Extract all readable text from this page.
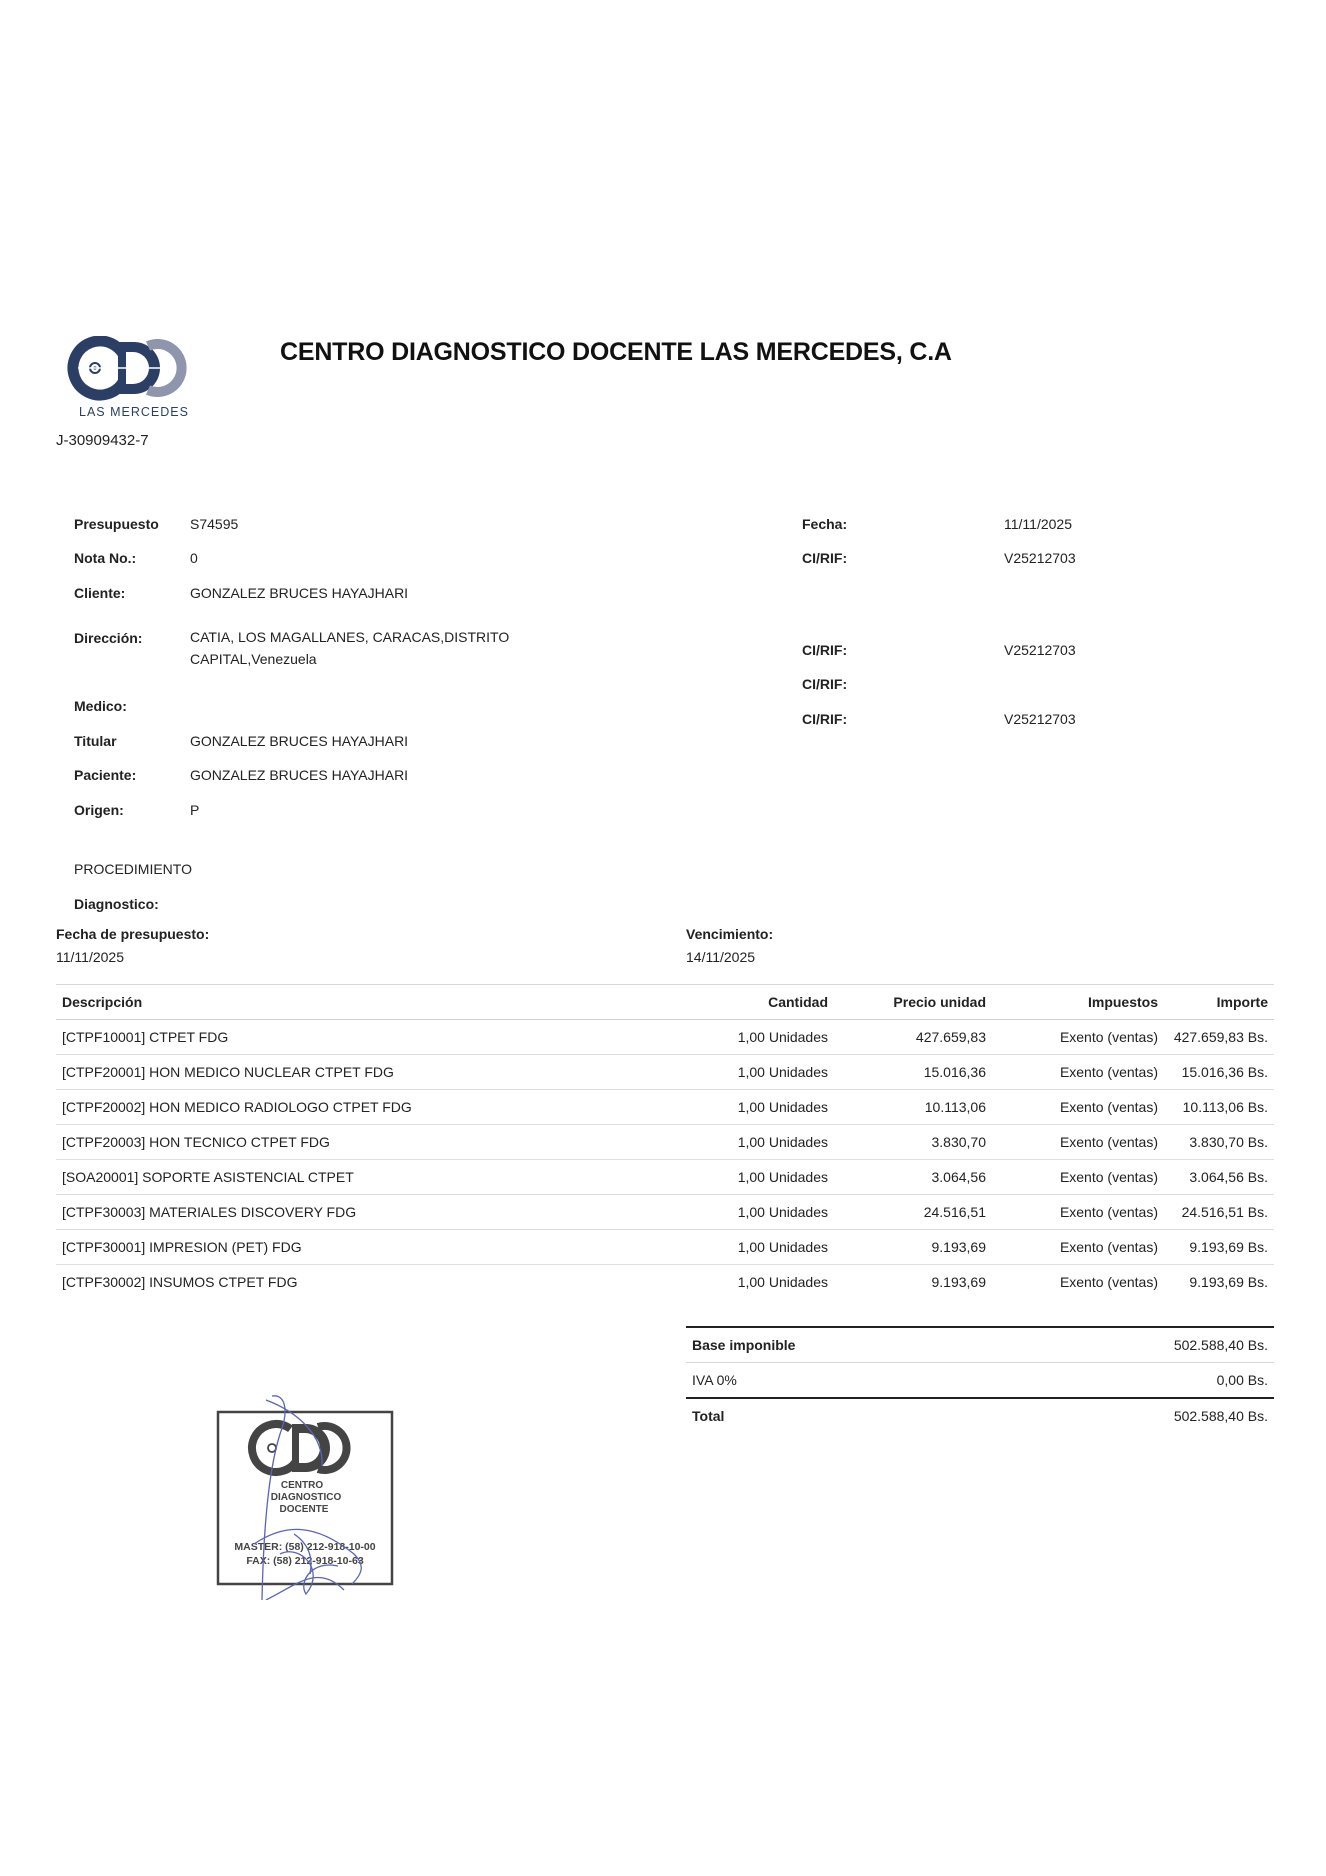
LAS MERCEDES
CENTRO DIAGNOSTICO DOCENTE LAS MERCEDES, C.A
J-30909432-7
Presupuesto S74595
Nota No.:	0
Cliente:	GONZALEZ BRUCES HAYAJHARI
Dirección:	CATIA, LOS MAGALLANES, CARACAS,DISTRITO CAPITAL,Venezuela
Medico:
Titular	GONZALEZ BRUCES HAYAJHARI
Paciente:	GONZALEZ BRUCES HAYAJHARI
Origen:	P
Fecha:	11/11/2025
CI/RIF:	V25212703
CI/RIF:	V25212703
CI/RIF:
CI/RIF:	V25212703
PROCEDIMIENTO
Diagnostico:
Fecha de presupuesto:
11/11/2025
Vencimiento:
14/11/2025
Descripción	Cantidad	Precio unidad	Impuestos	Importe
[CTPF10001] CTPET FDG	1,00 Unidades	427.659,83	Exento (ventas)	427.659,83 Bs.
[CTPF20001] HON MEDICO NUCLEAR CTPET FDG	1,00 Unidades	15.016,36	Exento (ventas)	15.016,36 Bs.
[CTPF20002] HON MEDICO RADIOLOGO CTPET FDG	1,00 Unidades	10.113,06	Exento (ventas)	10.113,06 Bs.
[CTPF20003] HON TECNICO CTPET FDG	1,00 Unidades	3.830,70	Exento (ventas)	3.830,70 Bs.
[SOA20001] SOPORTE ASISTENCIAL CTPET	1,00 Unidades	3.064,56	Exento (ventas)	3.064,56 Bs.
[CTPF30003] MATERIALES DISCOVERY FDG	1,00 Unidades	24.516,51	Exento (ventas)	24.516,51 Bs.
[CTPF30001] IMPRESION (PET) FDG	1,00 Unidades	9.193,69	Exento (ventas)	9.193,69 Bs.
[CTPF30002] INSUMOS CTPET FDG	1,00 Unidades	9.193,69	Exento (ventas)	9.193,69 Bs.
Base imponible	502.588,40 Bs.
IVA 0%	0,00 Bs.
Total	502.588,40 Bs.
CENTRO
DIAGNOSTICO
DOCENTE
MASTER: (58) 212-918-10-00
FAX: (58) 212-918-10-63
